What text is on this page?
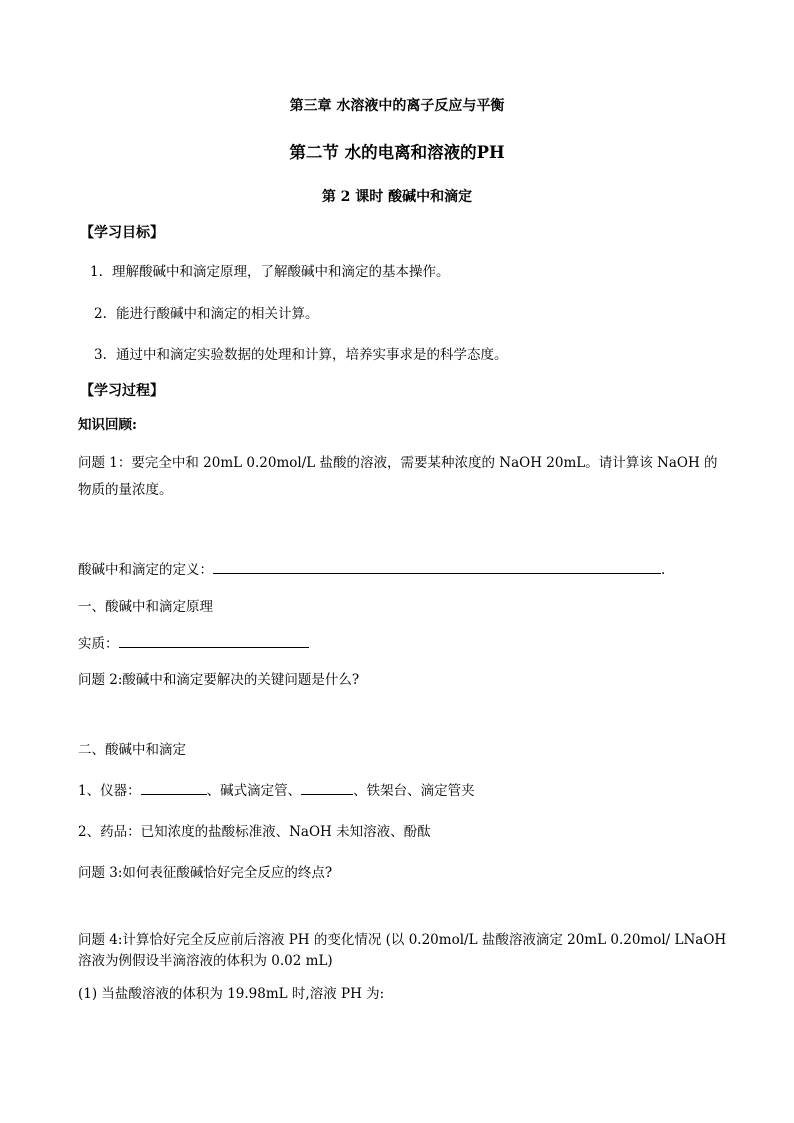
第三章 水溶液中的离子反应与平衡
第二节 水的电离和溶液的PH
第 2 课时 酸碱中和滴定
【学习目标】
1. 理解酸碱中和滴定原理，了解酸碱中和滴定的基本操作。
2. 能进行酸碱中和滴定的相关计算。
3. 通过中和滴定实验数据的处理和计算，培养实事求是的科学态度。
【学习过程】
知识回顾:
问题 1：要完全中和 20mL 0.20mol/L 盐酸的溶液，需要某种浓度的 NaOH 20mL。请计算该 NaOH 的
物质的量浓度。
酸碱中和滴定的定义：	.
一、酸碱中和滴定原理
实质：
问题 2:酸碱中和滴定要解决的关键问题是什么?
二、酸碱中和滴定
1、仪器：	、碱式滴定管、	、铁架台、滴定管夹
2、药品：已知浓度的盐酸标准液、NaOH 未知溶液、酚酞
问题 3:如何表征酸碱恰好完全反应的终点?
问题 4:计算恰好完全反应前后溶液 PH 的变化情况 (以 0.20mol/L 盐酸溶液滴定 20mL 0.20mol/ LNaOH
溶液为例假设半滴溶液的体积为 0.02 mL)
(1) 当盐酸溶液的体积为 19.98mL 时,溶液 PH 为:
